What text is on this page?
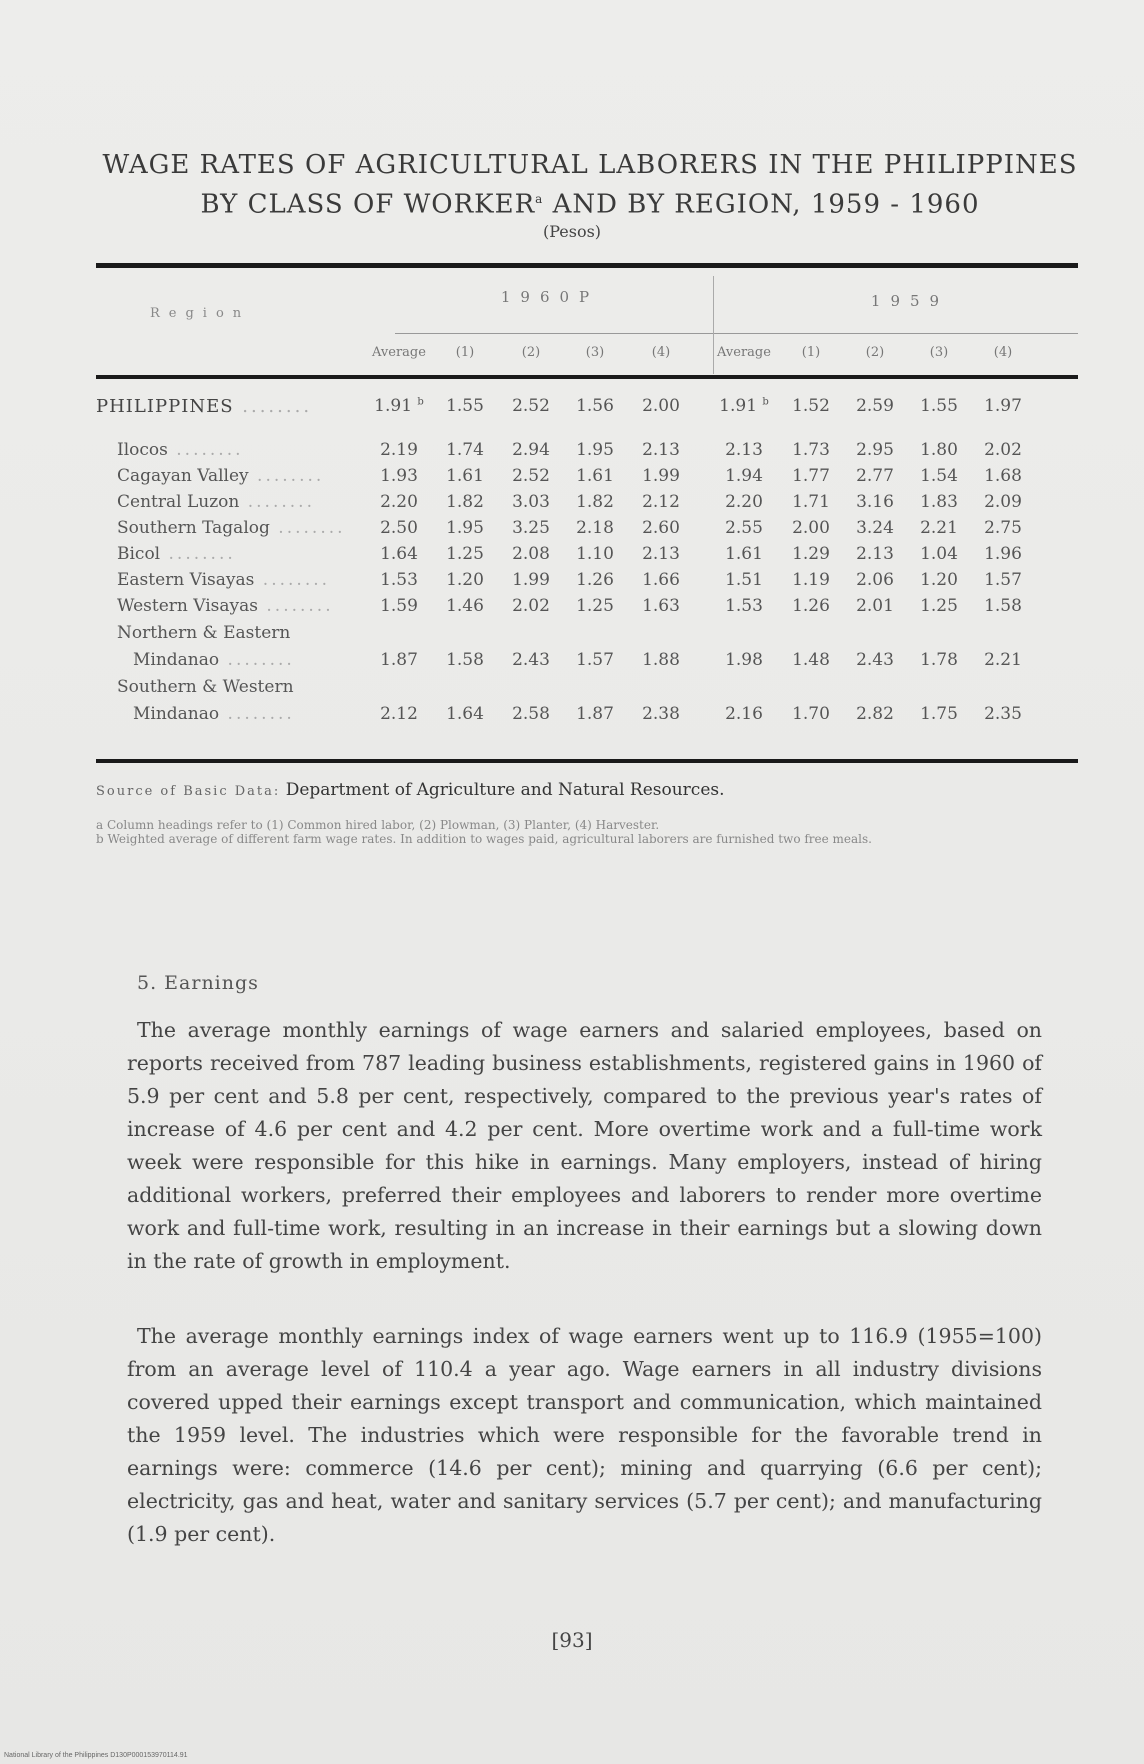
WAGE RATES OF AGRICULTURAL LABORERS IN THE PHILIPPINES
BY CLASS OF WORKER$^a$ AND BY REGION, 1959 - 1960
(Pesos)
Region
1960P	1959
Average	(1)	(2)	(3)	(4)	Average	(1)	(2)	(3)	(4)
PHILIPPINES ........	1.91 $^b$	1.55	2.52	1.56	2.00	1.91 $^b$	1.52	2.59	1.55	1.97
Ilocos ........	2.19	1.74	2.94	1.95	2.13	2.13	1.73	2.95	1.80	2.02
Cagayan Valley ........	1.93	1.61	2.52	1.61	1.99	1.94	1.77	2.77	1.54	1.68
Central Luzon ........	2.20	1.82	3.03	1.82	2.12	2.20	1.71	3.16	1.83	2.09
Southern Tagalog ........	2.50	1.95	3.25	2.18	2.60	2.55	2.00	3.24	2.21	2.75
Bicol ........	1.64	1.25	2.08	1.10	2.13	1.61	1.29	2.13	1.04	1.96
Eastern Visayas ........	1.53	1.20	1.99	1.26	1.66	1.51	1.19	2.06	1.20	1.57
Western Visayas ........	1.59	1.46	2.02	1.25	1.63	1.53	1.26	2.01	1.25	1.58
Northern & Eastern
Mindanao ........	1.87	1.58	2.43	1.57	1.88	1.98	1.48	2.43	1.78	2.21
Southern & Western
Mindanao ........	2.12	1.64	2.58	1.87	2.38	2.16	1.70	2.82	1.75	2.35
Source of Basic Data: Department of Agriculture and Natural Resources.
a Column headings refer to (1) Common hired labor, (2) Plowman, (3) Planter, (4) Harvester.
b Weighted average of different farm wage rates. In addition to wages paid, agricultural laborers are furnished two free meals.
5. Earnings

The average monthly earnings of wage earners and salaried employees, based on reports received from 787 leading business establishments, registered gains in 1960 of 5.9 per cent and 5.8 per cent, respectively, compared to the previous year's rates of increase of 4.6 per cent and 4.2 per cent. More overtime work and a full-time work week were responsible for this hike in earnings. Many employers, instead of hiring additional workers, preferred their employees and laborers to render more overtime work and full-time work, resulting in an increase in their earnings but a slowing down in the rate of growth in employment.

The average monthly earnings index of wage earners went up to 116.9 (1955=100) from an average level of 110.4 a year ago. Wage earners in all industry divisions covered upped their earnings except transport and communication, which maintained the 1959 level. The industries which were responsible for the favorable trend in earnings were: commerce (14.6 per cent); mining and quarrying (6.6 per cent); electricity, gas and heat, water and sanitary services (5.7 per cent); and manufacturing (1.9 per cent).

[93]
National Library of the Philippines D130P000153970114.91
